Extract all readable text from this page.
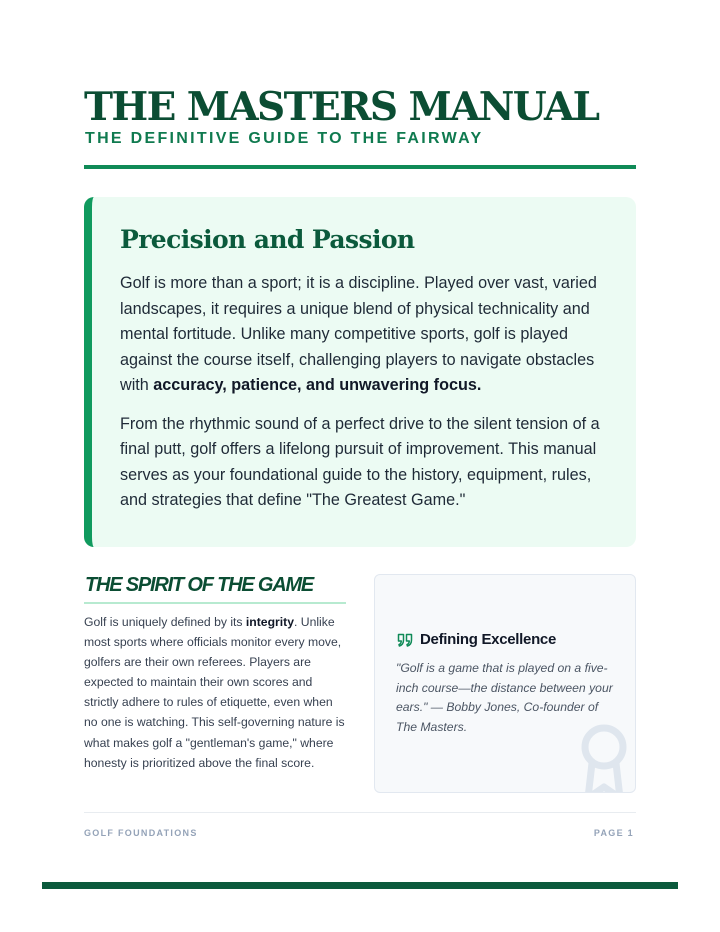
THE MASTERS MANUAL
THE DEFINITIVE GUIDE TO THE FAIRWAY
Precision and Passion

Golf is more than a sport; it is a discipline. Played over vast, varied landscapes, it requires a unique blend of physical technicality and mental fortitude. Unlike many competitive sports, golf is played against the course itself, challenging players to navigate obstacles with accuracy, patience, and unwavering focus.

From the rhythmic sound of a perfect drive to the silent tension of a final putt, golf offers a lifelong pursuit of improvement. This manual serves as your foundational guide to the history, equipment, rules, and strategies that define "The Greatest Game."

THE SPIRIT OF THE GAME

Golf is uniquely defined by its integrity. Unlike most sports where officials monitor every move, golfers are their own referees. Players are expected to maintain their own scores and strictly adhere to rules of etiquette, even when no one is watching. This self-governing nature is what makes golf a "gentleman's game," where honesty is prioritized above the final score.

Defining Excellence

"Golf is a game that is played on a five-inch course—the distance between your ears." — Bobby Jones, Co-founder of The Masters.

GOLF FOUNDATIONS	PAGE 1
